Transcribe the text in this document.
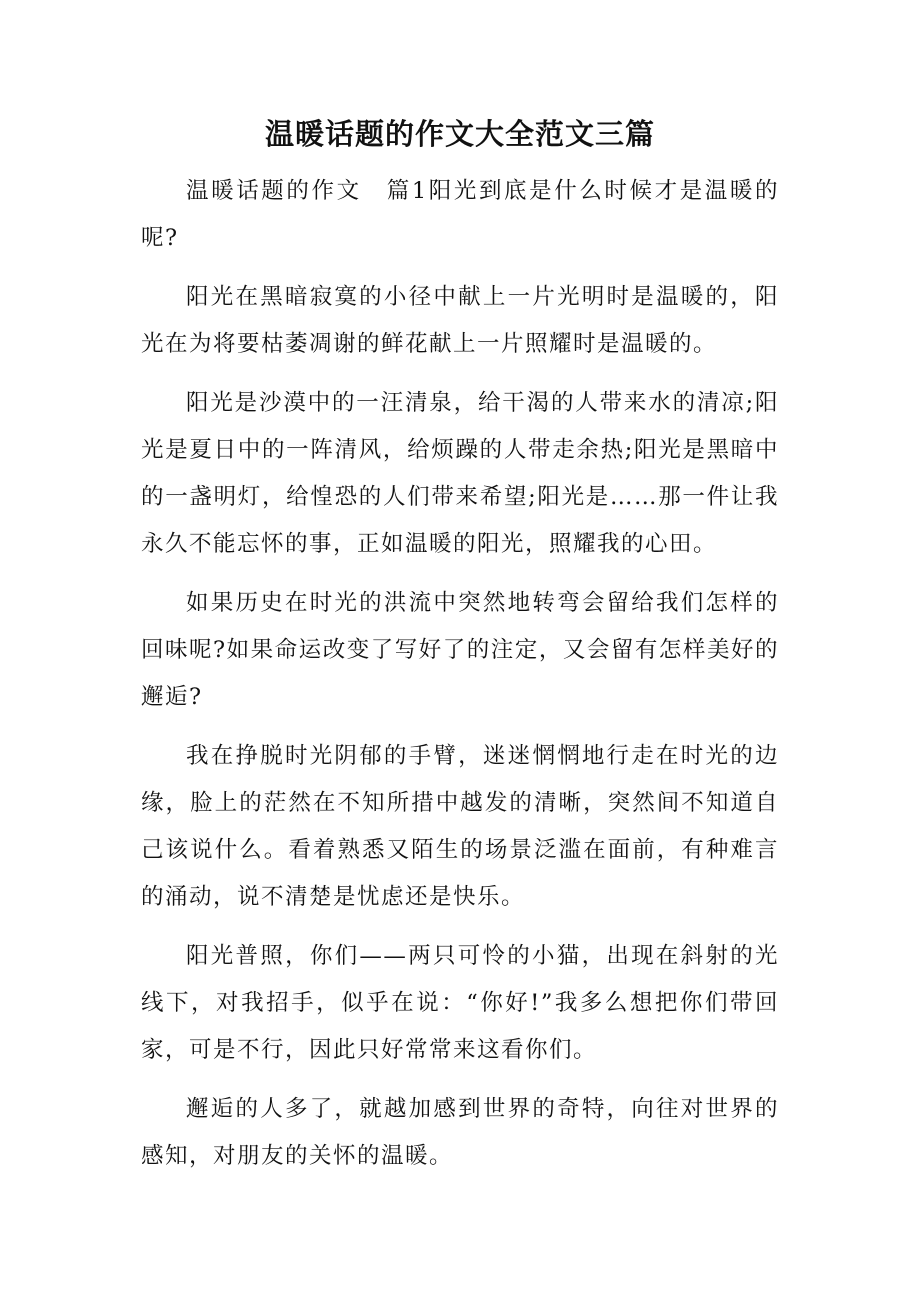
温暖话题的作文大全范文三篇

温暖话题的作文　篇1阳光到底是什么时候才是温暖的呢?

阳光在黑暗寂寞的小径中献上一片光明时是温暖的，阳光在为将要枯萎凋谢的鲜花献上一片照耀时是温暖的。

阳光是沙漠中的一汪清泉，给干渴的人带来水的清凉;阳光是夏日中的一阵清风，给烦躁的人带走余热;阳光是黑暗中的一盏明灯，给惶恐的人们带来希望;阳光是……那一件让我永久不能忘怀的事，正如温暖的阳光，照耀我的心田。

如果历史在时光的洪流中突然地转弯会留给我们怎样的回味呢?如果命运改变了写好了的注定，又会留有怎样美好的邂逅?

我在挣脱时光阴郁的手臂，迷迷惘惘地行走在时光的边缘，脸上的茫然在不知所措中越发的清晰，突然间不知道自己该说什么。看着熟悉又陌生的场景泛滥在面前，有种难言的涌动，说不清楚是忧虑还是快乐。

阳光普照，你们——两只可怜的小猫，出现在斜射的光线下，对我招手，似乎在说：“你好!”我多么想把你们带回家，可是不行，因此只好常常来这看你们。

邂逅的人多了，就越加感到世界的奇特，向往对世界的感知，对朋友的关怀的温暖。
